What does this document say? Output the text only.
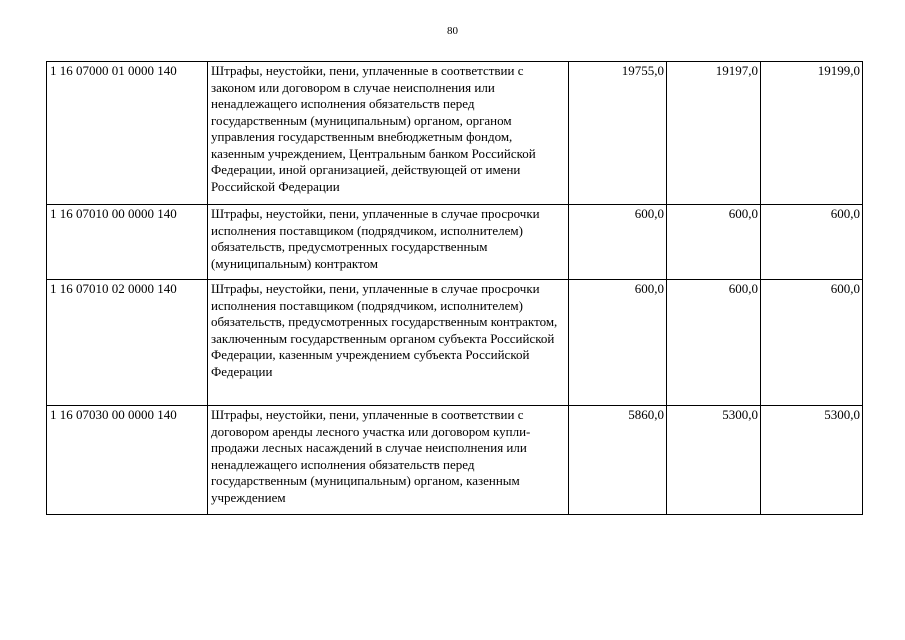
80
1 16 07000 01 0000 140	Штрафы, неустойки, пени, уплаченные в соответствии с законом или договором в случае неисполнения или ненадлежащего исполнения обязательств перед государственным (муниципальным) органом, органом управления государственным внебюджетным фондом, казенным учреждением, Центральным банком Российской Федерации, иной организацией, действующей от имени Российской Федерации	19755,0	19197,0	19199,0
1 16 07010 00 0000 140	Штрафы, неустойки, пени, уплаченные в случае просрочки исполнения поставщиком (подрядчиком, исполнителем) обязательств, предусмотренных государственным (муниципальным) контрактом	600,0	600,0	600,0
1 16 07010 02 0000 140	Штрафы, неустойки, пени, уплаченные в случае просрочки исполнения поставщиком (подрядчиком, исполнителем) обязательств, предусмотренных государственным контрактом, заключенным государственным органом субъекта Российской Федерации, казенным учреждением субъекта Российской Федерации	600,0	600,0	600,0
1 16 07030 00 0000 140	Штрафы, неустойки, пени, уплаченные в соответствии с договором аренды лесного участка или договором купли-продажи лесных насаждений в случае неисполнения или ненадлежащего исполнения обязательств перед государственным (муниципальным) органом, казенным учреждением	5860,0	5300,0	5300,0
